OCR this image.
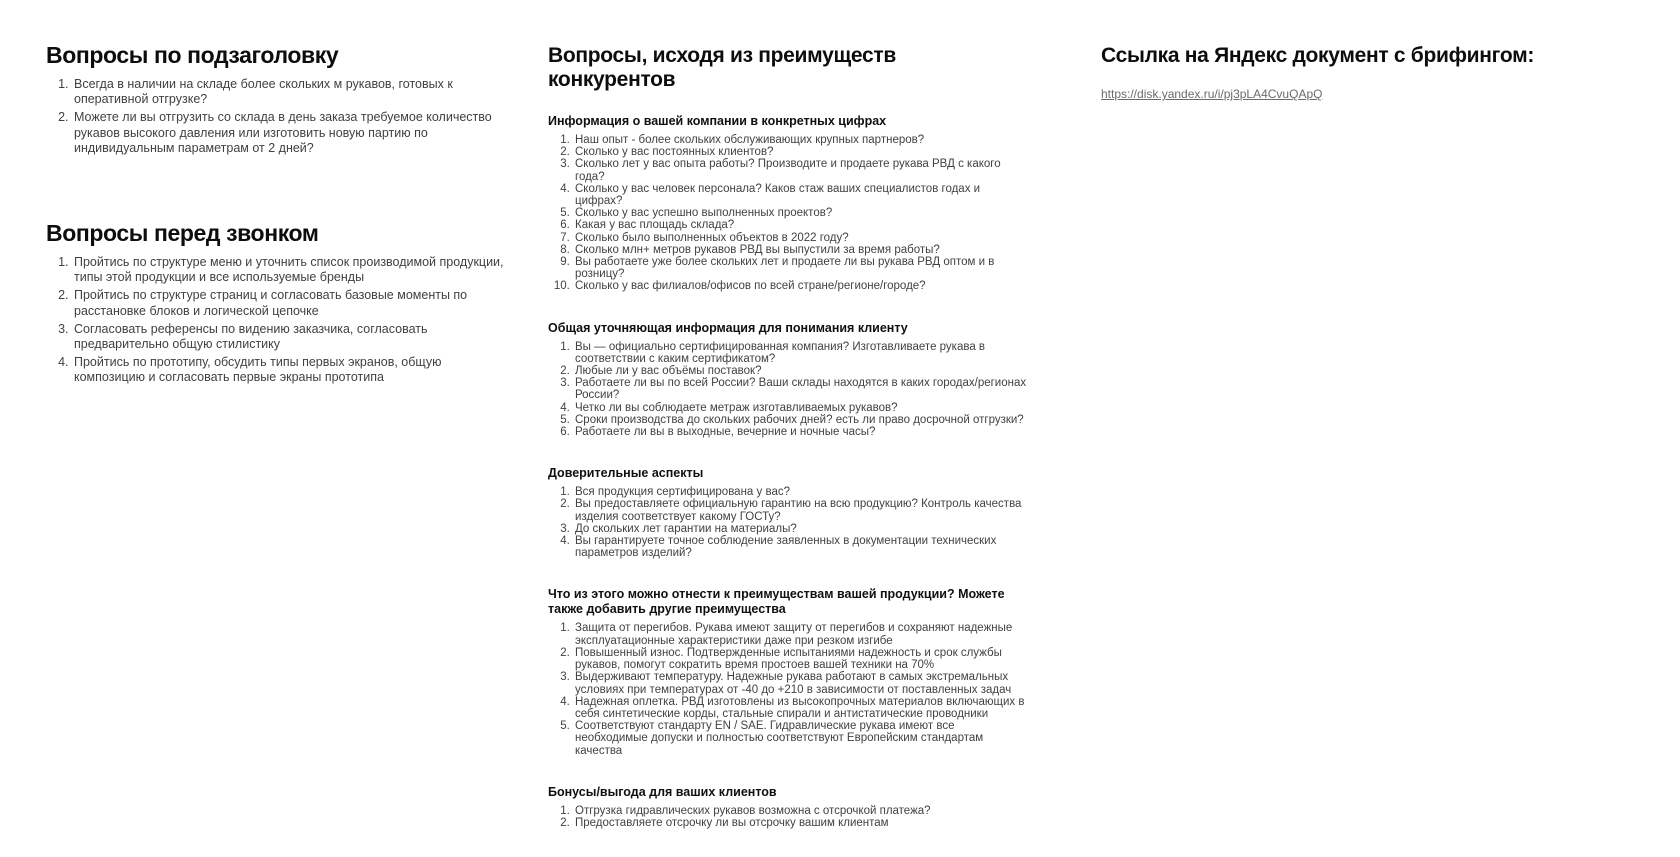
Вопросы по подзаголовку
1. Всегда в наличии на складе более скольких м рукавов, готовых к оперативной отгрузке?
2. Можете ли вы отгрузить со склада в день заказа требуемое количество рукавов высокого давления или изготовить новую партию по индивидуальным параметрам от 2 дней?
Вопросы перед звонком
1. Пройтись по структуре меню и уточнить список производимой продукции, типы этой продукции и все используемые бренды
2. Пройтись по структуре страниц и согласовать базовые моменты по расстановке блоков и логической цепочке
3. Согласовать референсы по видению заказчика, согласовать предварительно общую стилистику
4. Пройтись по прототипу, обсудить типы первых экранов, общую композицию и согласовать первые экраны прототипа
Вопросы, исходя из преимуществ конкурентов
Информация о вашей компании в конкретных цифрах
1. Наш опыт - более скольких обслуживающих крупных партнеров?
2. Сколько у вас постоянных клиентов?
3. Сколько лет у вас опыта работы? Производите и продаете рукава РВД с какого года?
4. Сколько у вас человек персонала? Каков стаж ваших специалистов годах и цифрах?
5. Сколько у вас успешно выполненных проектов?
6. Какая у вас площадь склада?
7. Сколько было выполненных объектов в 2022 году?
8. Сколько млн+ метров рукавов РВД вы выпустили за время работы?
9. Вы работаете уже более скольких лет и продаете ли вы рукава РВД оптом и в розницу?
10. Сколько у вас филиалов/офисов по всей стране/регионе/городе?
Общая уточняющая информация для понимания клиенту
1. Вы — официально сертифицированная компания? Изготавливаете рукава в соответствии с каким сертификатом?
2. Любые ли у вас объёмы поставок?
3. Работаете ли вы по всей России? Ваши склады находятся в каких городах/регионах России?
4. Четко ли вы соблюдаете метраж изготавливаемых рукавов?
5. Сроки производства до скольких рабочих дней? есть ли право досрочной отгрузки?
6. Работаете ли вы в выходные, вечерние и ночные часы?
Доверительные аспекты
1. Вся продукция сертифицирована у вас?
2. Вы предоставляете официальную гарантию на всю продукцию? Контроль качества изделия соответствует какому ГОСТу?
3. До скольких лет гарантии на материалы?
4. Вы гарантируете точное соблюдение заявленных в документации технических параметров изделий?
Что из этого можно отнести к преимуществам вашей продукции? Можете также добавить другие преимущества
1. Защита от перегибов. Рукава имеют защиту от перегибов и сохраняют надежные эксплуатационные характеристики даже при резком изгибе
2. Повышенный износ. Подтвержденные испытаниями надежность и срок службы рукавов, помогут сократить время простоев вашей техники на 70%
3. Выдерживают температуру. Надежные рукава работают в самых экстремальных условиях при температурах от -40 до +210 в зависимости от поставленных задач
4. Надежная оплетка. РВД изготовлены из высокопрочных материалов включающих в себя синтетические корды, стальные спирали и антистатические проводники
5. Соответствуют стандарту EN / SAE. Гидравлические рукава имеют все необходимые допуски и полностью соответствуют Европейским стандартам качества
Бонусы/выгода для ваших клиентов
1. Отгрузка гидравлических рукавов возможна с отсрочкой платежа?
2. Предоставляете отсрочку ли вы отсрочку вашим клиентам
Ссылка на Яндекс документ с брифингом:
https://disk.yandex.ru/i/pj3pLA4CvuQApQ
